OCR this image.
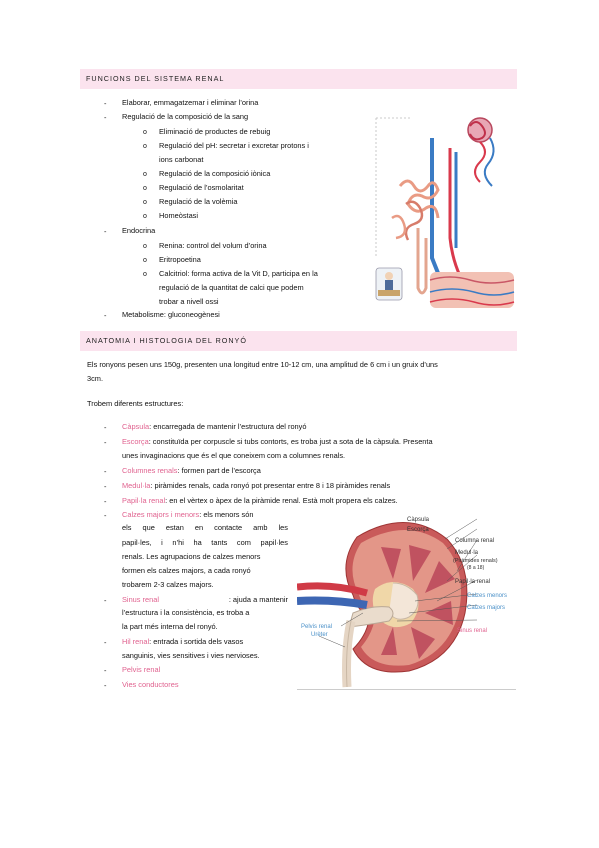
FUNCIONS DEL SISTEMA RENAL
- Elaborar, emmagatzemar i eliminar l’orina
- Regulació de la composició de la sang
o Eliminació de productes de rebuig
o Regulació del pH: secretar i excretar protons i
ions carbonat
o Regulació de la composició iònica
o Regulació de l’osmolaritat
o Regulació de la volèmia
o Homeòstasi
- Endocrina
o Renina: control del volum d’orina
o Eritropoetina
o Calcitriol: forma activa de la Vit D, participa en la
regulació de la quantitat de calci que podem
trobar a nivell ossi
- Metabolisme: gluconeogènesi
ANATOMIA I HISTOLOGIA DEL RONYÓ
Els ronyons pesen uns 150g, presenten una longitud entre 10-12 cm, una amplitud de 6 cm i un gruix d’uns
3cm.
Trobem diferents estructures:
- Càpsula: encarregada de mantenir l’estructura del ronyó
- Escorça: constituïda per corpuscle si tubs contorts, es troba just a sota de la càpsula. Presenta
unes invaginacions que és el que coneixem com a columnes renals.
- Columnes renals: formen part de l’escorça
- Medul·la: piràmides renals, cada ronyó pot presentar entre 8 i 18 piràmides renals
- Papil·la renal: en el vèrtex o àpex de la piràmide renal. Està molt propera els calzes.
- Calzes majors i menors: els menors són
els que estan en contacte amb les
papil·les, i n’hi ha tants com papil·les
renals. Les agrupacions de calzes menors
formen els calzes majors, a cada ronyó
trobarem 2-3 calzes majors.
- Sinus renal	: ajuda a mantenir
l’estructura i la consistència, es troba a
la part més interna del ronyó.
- Hil renal: entrada i sortida dels vasos
sanguinis, vies sensitives i vies nervioses.
- Pelvis renal
- Vies conductores
Càpsula
Escorça
Columna renal
Medul·la
(Piràmides renals)
(8 a 18)
Papil·la renal
Calzes menors
Calzes majors
Sinus renal
Pelvis renal
Urèter
